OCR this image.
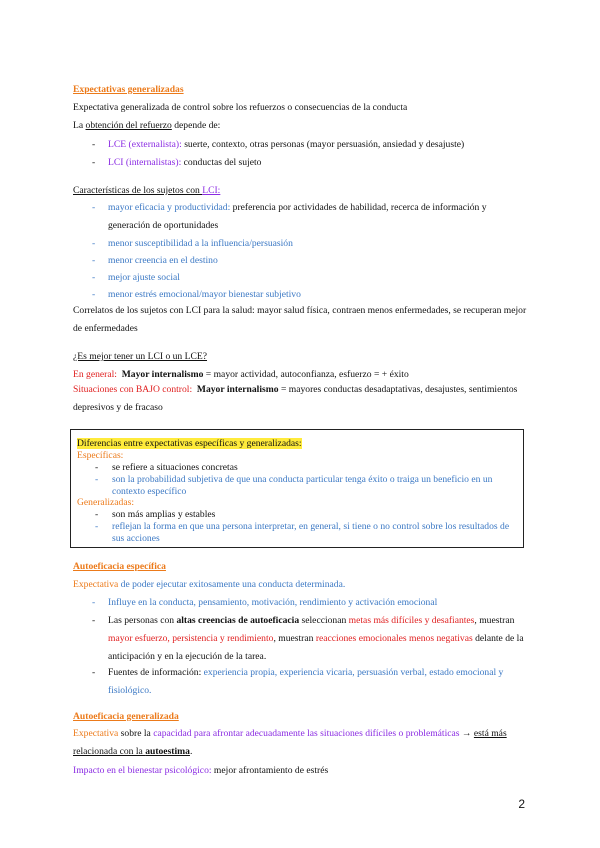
Expectativas generalizadas
Expectativa generalizada de control sobre los refuerzos o consecuencias de la conducta
La obtención del refuerzo depende de:
- LCE (externalista): suerte, contexto, otras personas (mayor persuasión, ansiedad y desajuste)
- LCI (internalistas): conductas del sujeto
Características de los sujetos con LCI:
- mayor eficacia y productividad: preferencia por actividades de habilidad, recerca de información y generación de oportunidades
- menor susceptibilidad a la influencia/persuasión
- menor creencia en el destino
- mejor ajuste social
- menor estrés emocional/mayor bienestar subjetivo
Correlatos de los sujetos con LCI para la salud: mayor salud física, contraen menos enfermedades, se recuperan mejor de enfermedades
¿Es mejor tener un LCI o un LCE?
En general: Mayor internalismo = mayor actividad, autoconfianza, esfuerzo = + éxito
Situaciones con BAJO control: Mayor internalismo = mayores conductas desadaptativas, desajustes, sentimientos depresivos y de fracaso
Diferencias entre expectativas específicas y generalizadas:
Específicas:
- se refiere a situaciones concretas
- son la probabilidad subjetiva de que una conducta particular tenga éxito o traiga un beneficio en un contexto específico
Generalizadas:
- son más amplias y estables
- reflejan la forma en que una persona interpretar, en general, si tiene o no control sobre los resultados de sus acciones
Autoeficacia específica
Expectativa de poder ejecutar exitosamente una conducta determinada.
- Influye en la conducta, pensamiento, motivación, rendimiento y activación emocional
- Las personas con altas creencias de autoeficacia seleccionan metas más difíciles y desafiantes, muestran mayor esfuerzo, persistencia y rendimiento, muestran reacciones emocionales menos negativas delante de la anticipación y en la ejecución de la tarea.
- Fuentes de información: experiencia propia, experiencia vicaria, persuasión verbal, estado emocional y fisiológico.
Autoeficacia generalizada
Expectativa sobre la capacidad para afrontar adecuadamente las situaciones difíciles o problemáticas → está más relacionada con la autoestima.
Impacto en el bienestar psicológico: mejor afrontamiento de estrés
2
